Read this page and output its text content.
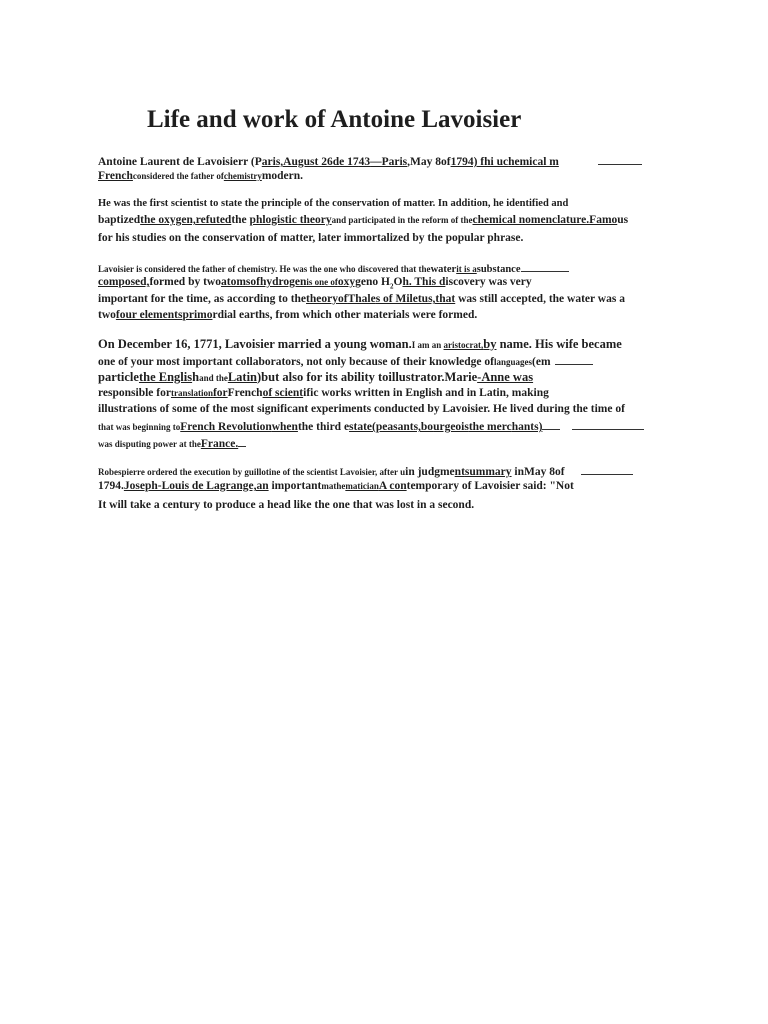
Life and work of Antoine Lavoisier
Antoine Laurent de Lavoisierr (Paris,August 26de 1743—Paris,May 8of1794) fhi uchemical m
Frenchconsidered the father ofchemistrymodern.
He was the first scientist to state the principle of the conservation of matter. In addition, he identified and
baptizedthe oxygen,refutedthe phlogistic theoryand participated in the reform of thechemical nomenclature.Famous
for his studies on the conservation of matter, later immortalized by the popular phrase.
Lavoisier is considered the father of chemistry. He was the one who discovered that thewaterit is asubstance
composed,formed by twoatomsofhydrogenis one ofoxygeno $H_2Oh$. This discovery was very
important for the time, as according to thetheoryofThales of Miletus,that was still accepted, the water was a
twofour elementsprimordial earths, from which other materials were formed.
On December 16, 1771, Lavoisier married a young woman.I am an aristocrat,by name. His wife became
one of your most important collaborators, not only because of their knowledge oflanguages(em
particlethe Englishand theLatin)but also for its ability toillustrator.Marie-Anne was
responsible fortranslationforFrenchof scientific works written in English and in Latin, making
illustrations of some of the most significant experiments conducted by Lavoisier. He lived during the time of
that was beginning toFrench Revolutionwhenthe third estate(peasants,bourgeoisthe merchants)
was disputing power at theFrance.
Robespierre ordered the execution by guillotine of the scientist Lavoisier, after uin judgmentsummary inMay 8of
1794.Joseph-Louis de Lagrange,an importantmathematicianA contemporary of Lavoisier said: "Not
It will take a century to produce a head like the one that was lost in a second.
